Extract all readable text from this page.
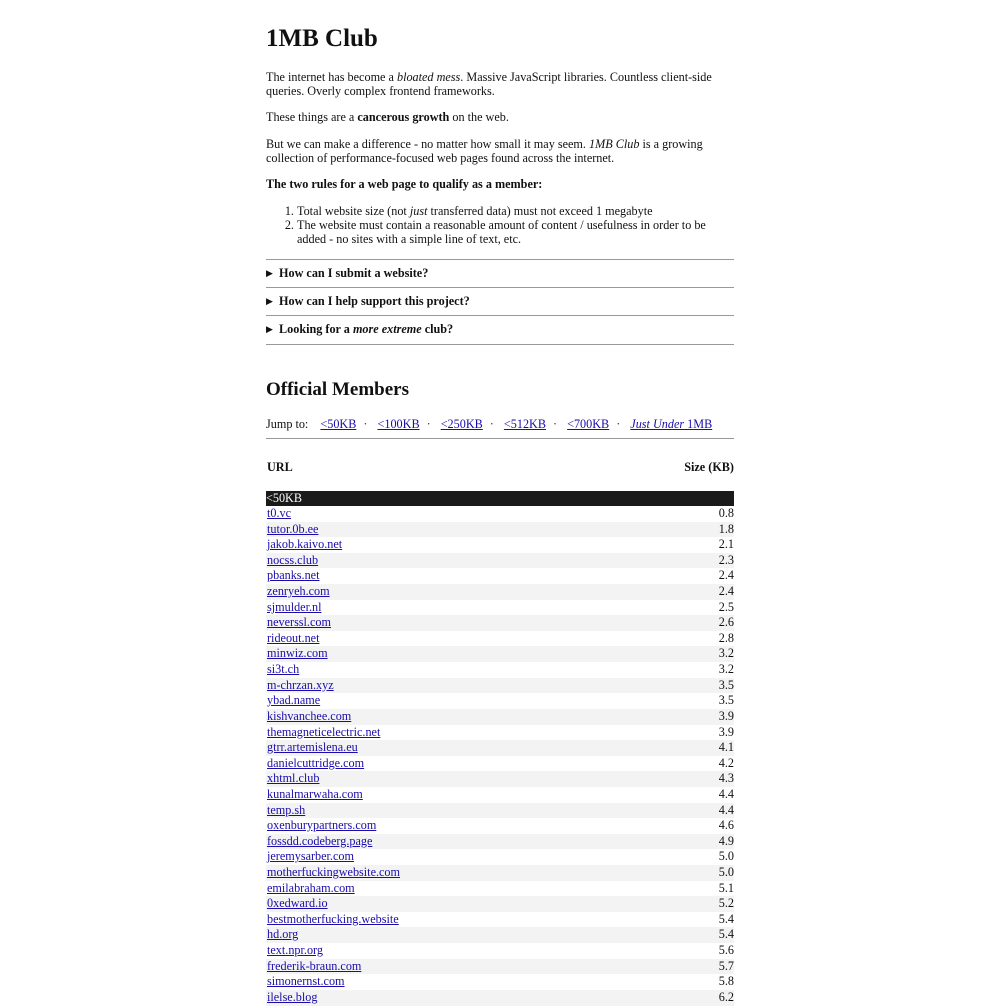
1MB Club

The internet has become a bloated mess. Massive JavaScript libraries. Countless client-side queries. Overly complex frontend frameworks.

These things are a cancerous growth on the web.

But we can make a difference - no matter how small it may seem. 1MB Club is a growing collection of performance-focused web pages found across the internet.

The two rules for a web page to qualify as a member:
1. Total website size (not just transferred data) must not exceed 1 megabyte
2. The website must contain a reasonable amount of content / usefulness in order to be added - no sites with a simple line of text, etc.
▶ How can I submit a website?
▶ How can I help support this project?
▶ Looking for a more extreme club?
Official Members
Jump to: <50KB · <100KB · <250KB · <512KB · <700KB · Just Under 1MB
URL	Size (KB)
<50KB
t0.vc	0.8
tutor.0b.ee	1.8
jakob.kaivo.net	2.1
nocss.club	2.3
pbanks.net	2.4
zenryeh.com	2.4
sjmulder.nl	2.5
neverssl.com	2.6
rideout.net	2.8
minwiz.com	3.2
si3t.ch	3.2
m-chrzan.xyz	3.5
ybad.name	3.5
kishvanchee.com	3.9
themagneticelectric.net	3.9
gtrr.artemislena.eu	4.1
danielcuttridge.com	4.2
xhtml.club	4.3
kunalmarwaha.com	4.4
temp.sh	4.4
oxenburypartners.com	4.6
fossdd.codeberg.page	4.9
jeremysarber.com	5.0
motherfuckingwebsite.com	5.0
emilabraham.com	5.1
0xedward.io	5.2
bestmotherfucking.website	5.4
hd.org	5.4
text.npr.org	5.6
frederik-braun.com	5.7
simonernst.com	5.8
ilelse.blog	6.2
